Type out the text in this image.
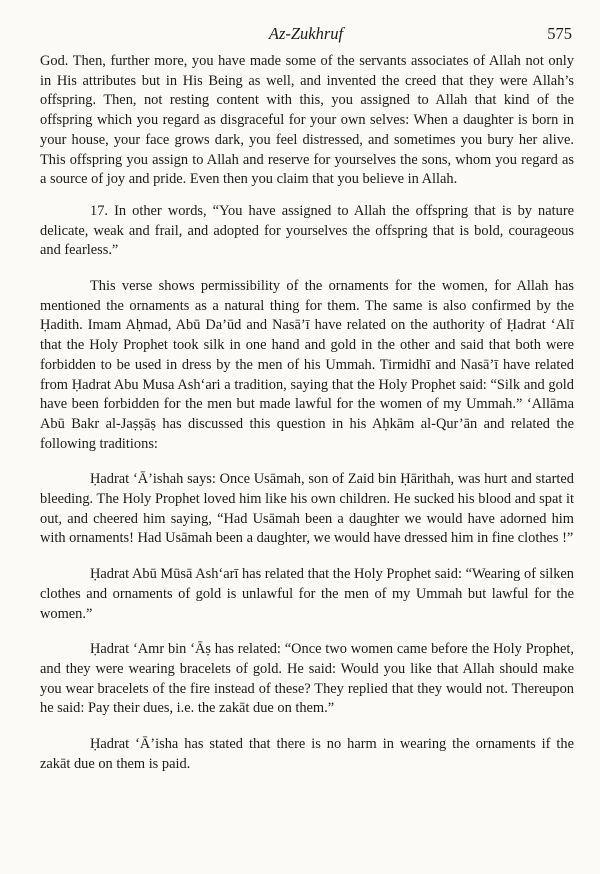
Az-Zukhruf	575

God. Then, further more, you have made some of the servants associates of Allah not only in His attributes but in His Being as well, and invented the creed that they were Allah’s offspring. Then, not resting content with this, you assigned to Allah that kind of the offspring which you regard as disgraceful for your own selves: When a daughter is born in your house, your face grows dark, you feel distressed, and sometimes you bury her alive. This offspring you assign to Allah and reserve for yourselves the sons, whom you regard as a source of joy and pride. Even then you claim that you believe in Allah.

17. In other words, “You have assigned to Allah the offspring that is by nature delicate, weak and frail, and adopted for yourselves the offspring that is bold, courageous and fearless.”

This verse shows permissibility of the ornaments for the women, for Allah has mentioned the ornaments as a natural thing for them. The same is also confirmed by the Ḥadith. Imam Aḥmad, Abū Da’ūd and Nasā’ī have related on the authority of Ḥadrat ‘Alī that the Holy Prophet took silk in one hand and gold in the other and said that both were forbidden to be used in dress by the men of his Ummah. Tirmidhī and Nasā’ī have related from Ḥadrat Abu Musa Ash‘ari a tradition, saying that the Holy Prophet said: “Silk and gold have been forbidden for the men but made lawful for the women of my Ummah.” ‘Allāma Abū Bakr al-Jaṣṣāṣ has discussed this question in his Aḥkām al-Qur’ān and related the following traditions:

Ḥadrat ‘Ā’ishah says: Once Usāmah, son of Zaid bin Ḥārithah, was hurt and started bleeding. The Holy Prophet loved him like his own children. He sucked his blood and spat it out, and cheered him saying, “Had Usāmah been a daughter we would have adorned him with ornaments! Had Usāmah been a daughter, we would have dressed him in fine clothes !”

Ḥadrat Abū Mūsā Ash‘arī has related that the Holy Prophet said: “Wearing of silken clothes and ornaments of gold is unlawful for the men of my Ummah but lawful for the women.”

Ḥadrat ‘Amr bin ‘Āṣ has related: “Once two women came before the Holy Prophet, and they were wearing bracelets of gold. He said: Would you like that Allah should make you wear bracelets of the fire instead of these? They replied that they would not. Thereupon he said: Pay their dues, i.e. the zakāt due on them.”

Ḥadrat ‘Ā’isha has stated that there is no harm in wearing the ornaments if the zakāt due on them is paid.
